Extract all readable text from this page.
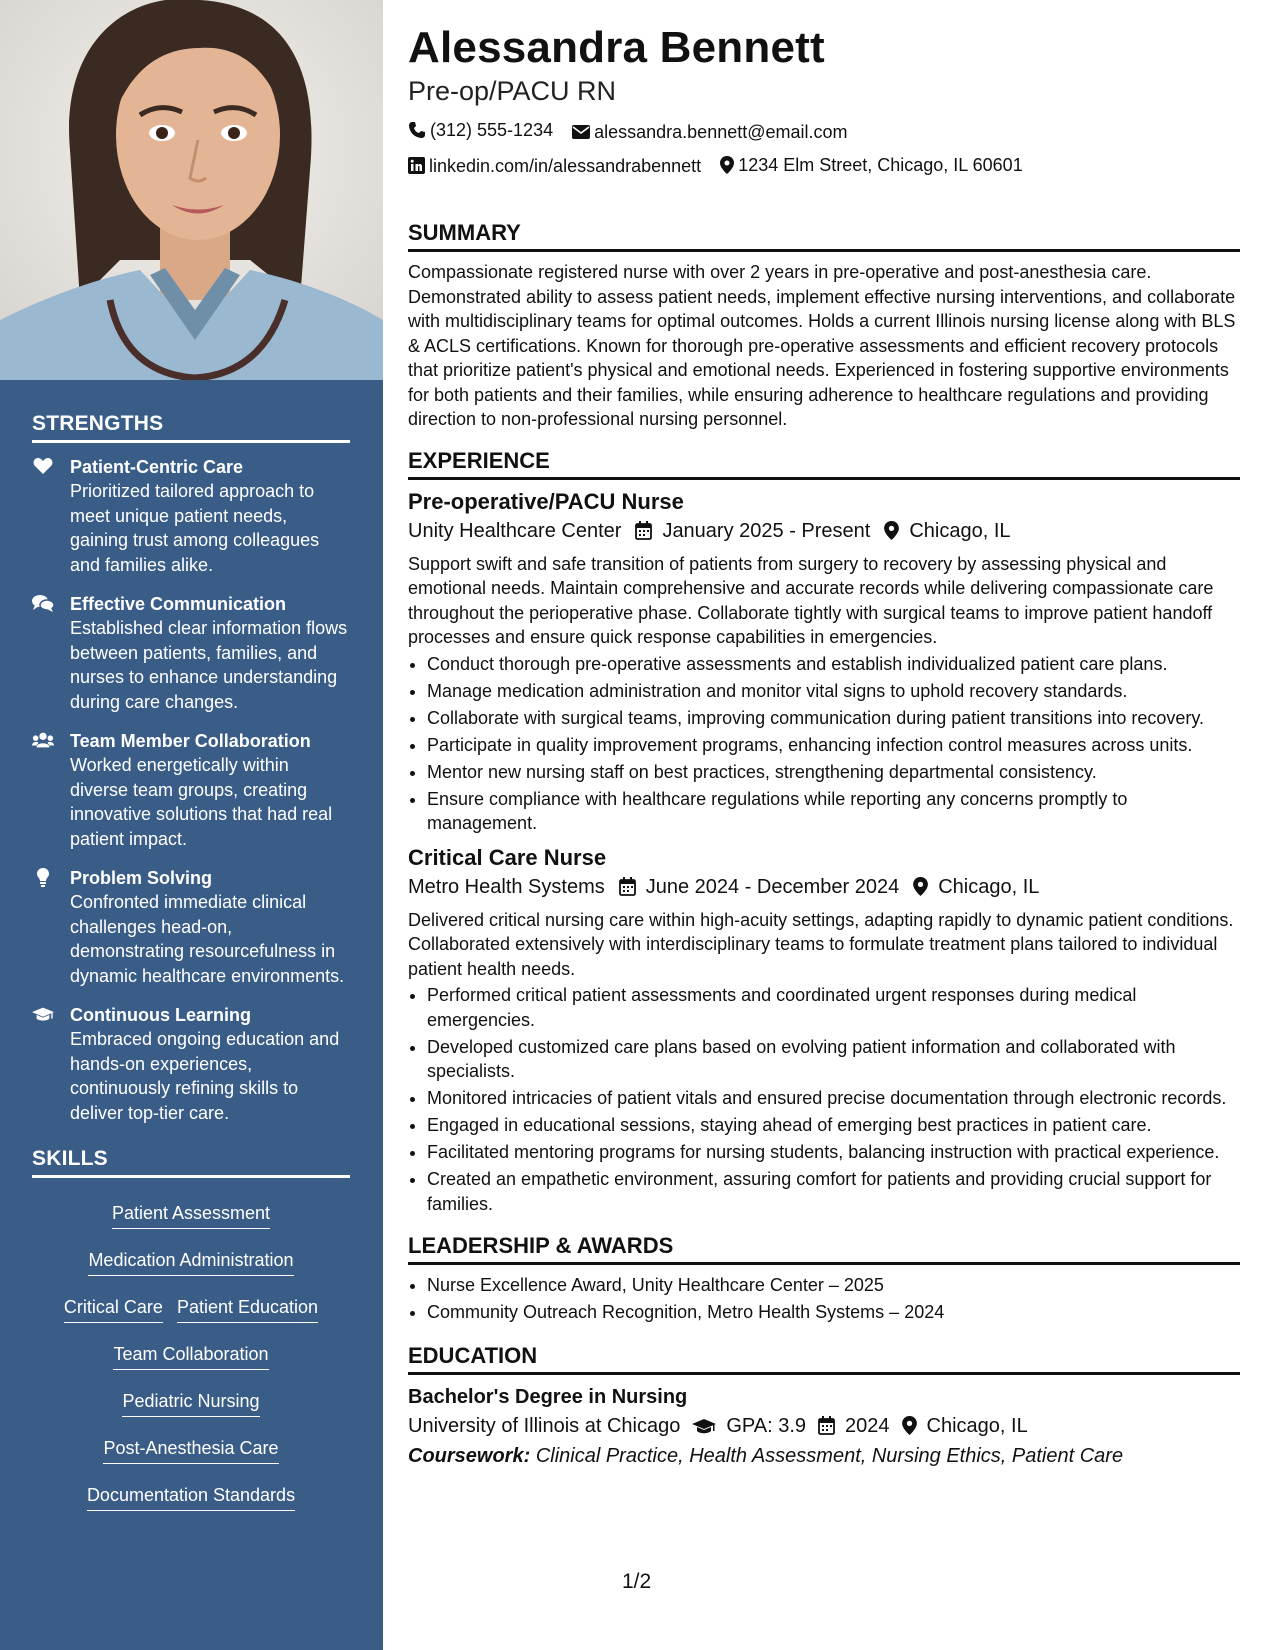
STRENGTHS
Patient-Centric Care
Prioritized tailored approach to meet unique patient needs, gaining trust among colleagues and families alike.
Effective Communication
Established clear information flows between patients, families, and nurses to enhance understanding during care changes.
Team Member Collaboration
Worked energetically within diverse team groups, creating innovative solutions that had real patient impact.
Problem Solving
Confronted immediate clinical challenges head-on, demonstrating resourcefulness in dynamic healthcare environments.
Continuous Learning
Embraced ongoing education and hands-on experiences, continuously refining skills to deliver top-tier care.
SKILLS
Patient Assessment
Medication Administration
Critical Care Patient Education
Team Collaboration
Pediatric Nursing
Post-Anesthesia Care
Documentation Standards
Alessandra Bennett
Pre-op/PACU RN
(312) 555-1234
alessandra.bennett@email.com
linkedin.com/in/alessandrabennett
1234 Elm Street, Chicago, IL 60601
SUMMARY
Compassionate registered nurse with over 2 years in pre-operative and post-anesthesia care. Demonstrated ability to assess patient needs, implement effective nursing interventions, and collaborate with multidisciplinary teams for optimal outcomes. Holds a current Illinois nursing license along with BLS & ACLS certifications. Known for thorough pre-operative assessments and efficient recovery protocols that prioritize patient's physical and emotional needs. Experienced in fostering supportive environments for both patients and their families, while ensuring adherence to healthcare regulations and providing direction to non-professional nursing personnel.
EXPERIENCE
Pre-operative/PACU Nurse
Unity Healthcare Center January 2025 - Present Chicago, IL
Support swift and safe transition of patients from surgery to recovery by assessing physical and emotional needs. Maintain comprehensive and accurate records while delivering compassionate care throughout the perioperative phase. Collaborate tightly with surgical teams to improve patient handoff processes and ensure quick response capabilities in emergencies.
• Conduct thorough pre-operative assessments and establish individualized patient care plans.
• Manage medication administration and monitor vital signs to uphold recovery standards.
• Collaborate with surgical teams, improving communication during patient transitions into recovery.
• Participate in quality improvement programs, enhancing infection control measures across units.
• Mentor new nursing staff on best practices, strengthening departmental consistency.
• Ensure compliance with healthcare regulations while reporting any concerns promptly to management.
Critical Care Nurse
Metro Health Systems June 2024 - December 2024 Chicago, IL
Delivered critical nursing care within high-acuity settings, adapting rapidly to dynamic patient conditions. Collaborated extensively with interdisciplinary teams to formulate treatment plans tailored to individual patient health needs.
• Performed critical patient assessments and coordinated urgent responses during medical emergencies.
• Developed customized care plans based on evolving patient information and collaborated with specialists.
• Monitored intricacies of patient vitals and ensured precise documentation through electronic records.
• Engaged in educational sessions, staying ahead of emerging best practices in patient care.
• Facilitated mentoring programs for nursing students, balancing instruction with practical experience.
• Created an empathetic environment, assuring comfort for patients and providing crucial support for families.
LEADERSHIP & AWARDS
• Nurse Excellence Award, Unity Healthcare Center – 2025
• Community Outreach Recognition, Metro Health Systems – 2024
EDUCATION
Bachelor's Degree in Nursing
University of Illinois at Chicago GPA: 3.9 2024 Chicago, IL
Coursework: Clinical Practice, Health Assessment, Nursing Ethics, Patient Care
1/2
